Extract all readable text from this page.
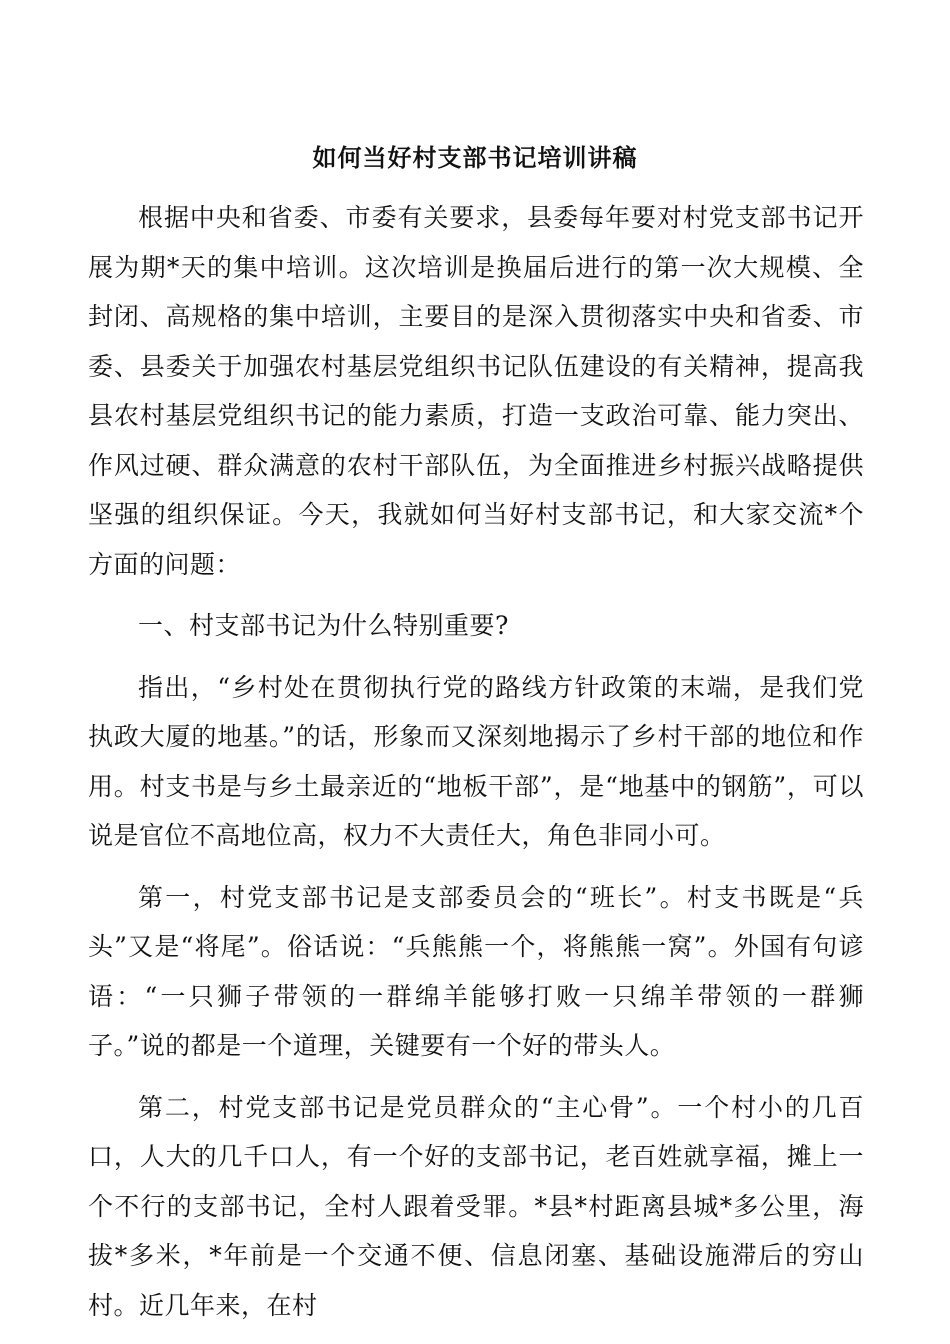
如何当好村支部书记培训讲稿

根据中央和省委、市委有关要求，县委每年要对村党支部书记开展为期*天的集中培训。这次培训是换届后进行的第一次大规模、全封闭、高规格的集中培训，主要目的是深入贯彻落实中央和省委、市委、县委关于加强农村基层党组织书记队伍建设的有关精神，提高我县农村基层党组织书记的能力素质，打造一支政治可靠、能力突出、作风过硬、群众满意的农村干部队伍，为全面推进乡村振兴战略提供坚强的组织保证。今天，我就如何当好村支部书记，和大家交流*个方面的问题：

一、村支部书记为什么特别重要?

指出，“乡村处在贯彻执行党的路线方针政策的末端，是我们党执政大厦的地基。”的话，形象而又深刻地揭示了乡村干部的地位和作用。村支书是与乡土最亲近的“地板干部”，是“地基中的钢筋”，可以说是官位不高地位高，权力不大责任大，角色非同小可。

第一，村党支部书记是支部委员会的“班长”。村支书既是“兵头”又是“将尾”。俗话说：“兵熊熊一个，将熊熊一窝”。外国有句谚语：“一只狮子带领的一群绵羊能够打败一只绵羊带领的一群狮子。”说的都是一个道理，关键要有一个好的带头人。

第二，村党支部书记是党员群众的“主心骨”。一个村小的几百口，人大的几千口人，有一个好的支部书记，老百姓就享福，摊上一个不行的支部书记，全村人跟着受罪。*县*村距离县城*多公里，海拔*多米，*年前是一个交通不便、信息闭塞、基础设施滞后的穷山村。近几年来，在村
